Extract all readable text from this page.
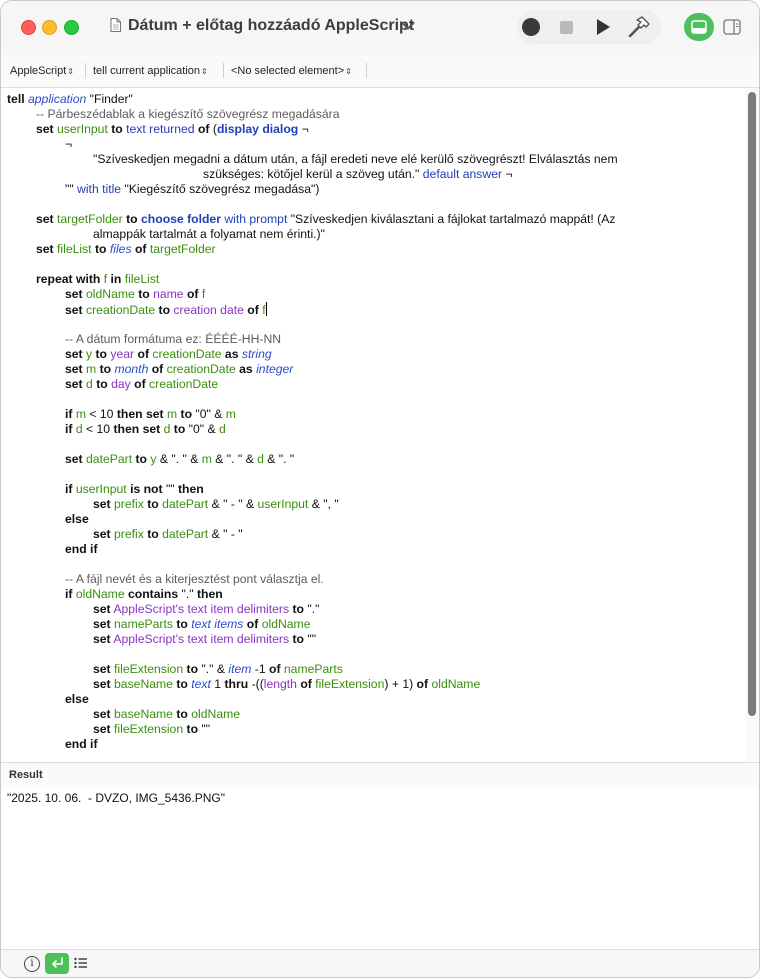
Dátum + előtag hozzáadó AppleScript
AppleScript⇕ tell current application⇕ <No selected element>⇕
tell application "Finder"
-- Párbeszédablak a kiegészítő szövegrész megadására
set userInput to text returned of (display dialog ¬
¬
"Szíveskedjen megadni a dátum után, a fájl eredeti neve elé kerülő szövegrészt! Elválasztás nem
szükséges: kötőjel kerül a szöveg után." default answer ¬
"" with title "Kiegészítő szövegrész megadása")
set targetFolder to choose folder with prompt "Szíveskedjen kiválasztani a fájlokat tartalmazó mappát! (Az
almappák tartalmát a folyamat nem érinti.)"
set fileList to files of targetFolder
repeat with f in fileList
set oldName to name of f
set creationDate to creation date of f
-- A dátum formátuma ez: ÉÉÉÉ-HH-NN
set y to year of creationDate as string
set m to month of creationDate as integer
set d to day of creationDate
if m < 10 then set m to "0" & m
if d < 10 then set d to "0" & d
set datePart to y & ". " & m & ". " & d & ". "
if userInput is not "" then
set prefix to datePart & " - " & userInput & ", "
else
set prefix to datePart & " - "
end if
-- A fájl nevét és a kiterjesztést pont választja el.
if oldName contains "." then
set AppleScript's text item delimiters to "."
set nameParts to text items of oldName
set AppleScript's text item delimiters to ""
set fileExtension to "." & item -1 of nameParts
set baseName to text 1 thru -((length of fileExtension) + 1) of oldName
else
set baseName to oldName
set fileExtension to ""
end if
Result
"2025. 10. 06.  - DVZO, IMG_5436.PNG"
i
